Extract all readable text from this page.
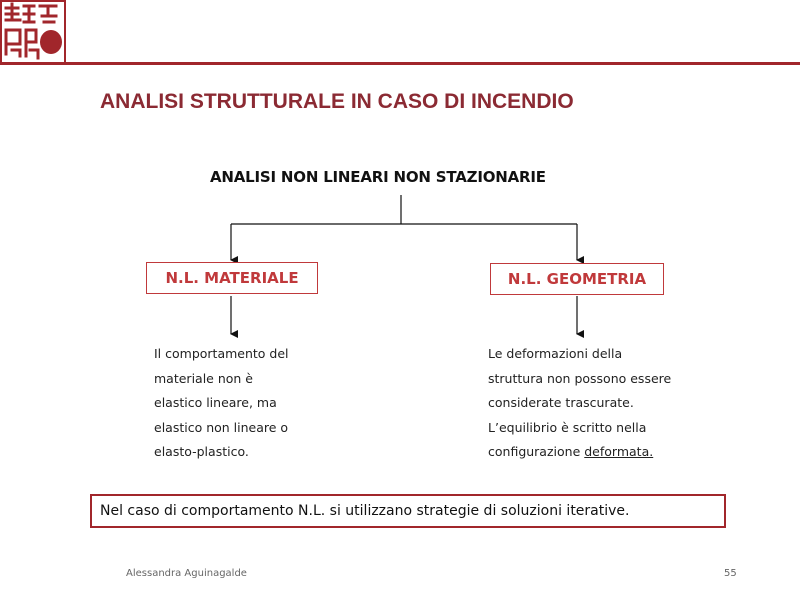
ANALISI STRUTTURALE IN CASO DI INCENDIO
ANALISI NON LINEARI NON STAZIONARIE
N.L. MATERIALE	N.L. GEOMETRIA
Il comportamento del
materiale non è
elastico lineare, ma
elastico non lineare o
elasto-plastico.
Le deformazioni della
struttura non possono essere
considerate trascurate.
L’equilibrio è scritto nella
configurazione deformata.
Nel caso di comportamento N.L. si utilizzano strategie di soluzioni iterative.
Alessandra Aguinagalde	55
